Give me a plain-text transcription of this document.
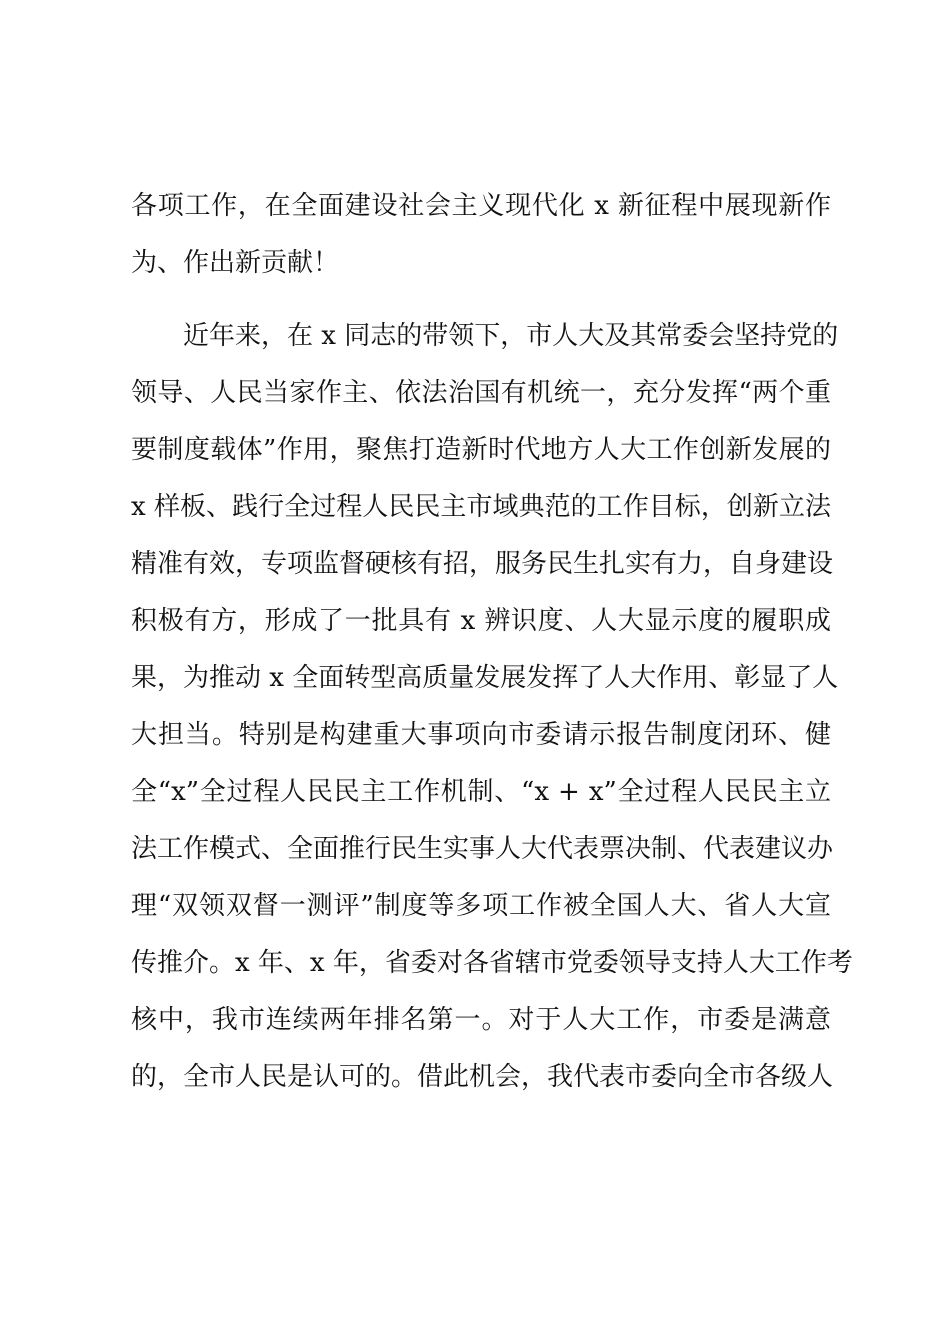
各项工作，在全面建设社会主义现代化 x 新征程中展现新作
为、作出新贡献！
　　近年来，在 x 同志的带领下，市人大及其常委会坚持党的
领导、人民当家作主、依法治国有机统一，充分发挥“两个重
要制度载体”作用，聚焦打造新时代地方人大工作创新发展的
x 样板、践行全过程人民民主市域典范的工作目标，创新立法
精准有效，专项监督硬核有招，服务民生扎实有力，自身建设
积极有方，形成了一批具有 x 辨识度、人大显示度的履职成
果，为推动 x 全面转型高质量发展发挥了人大作用、彰显了人
大担当。特别是构建重大事项向市委请示报告制度闭环、健
全“x”全过程人民民主工作机制、“x + x”全过程人民民主立
法工作模式、全面推行民生实事人大代表票决制、代表建议办
理“双领双督一测评”制度等多项工作被全国人大、省人大宣
传推介。x 年、x 年，省委对各省辖市党委领导支持人大工作考
核中，我市连续两年排名第一。对于人大工作，市委是满意
的，全市人民是认可的。借此机会，我代表市委向全市各级人
